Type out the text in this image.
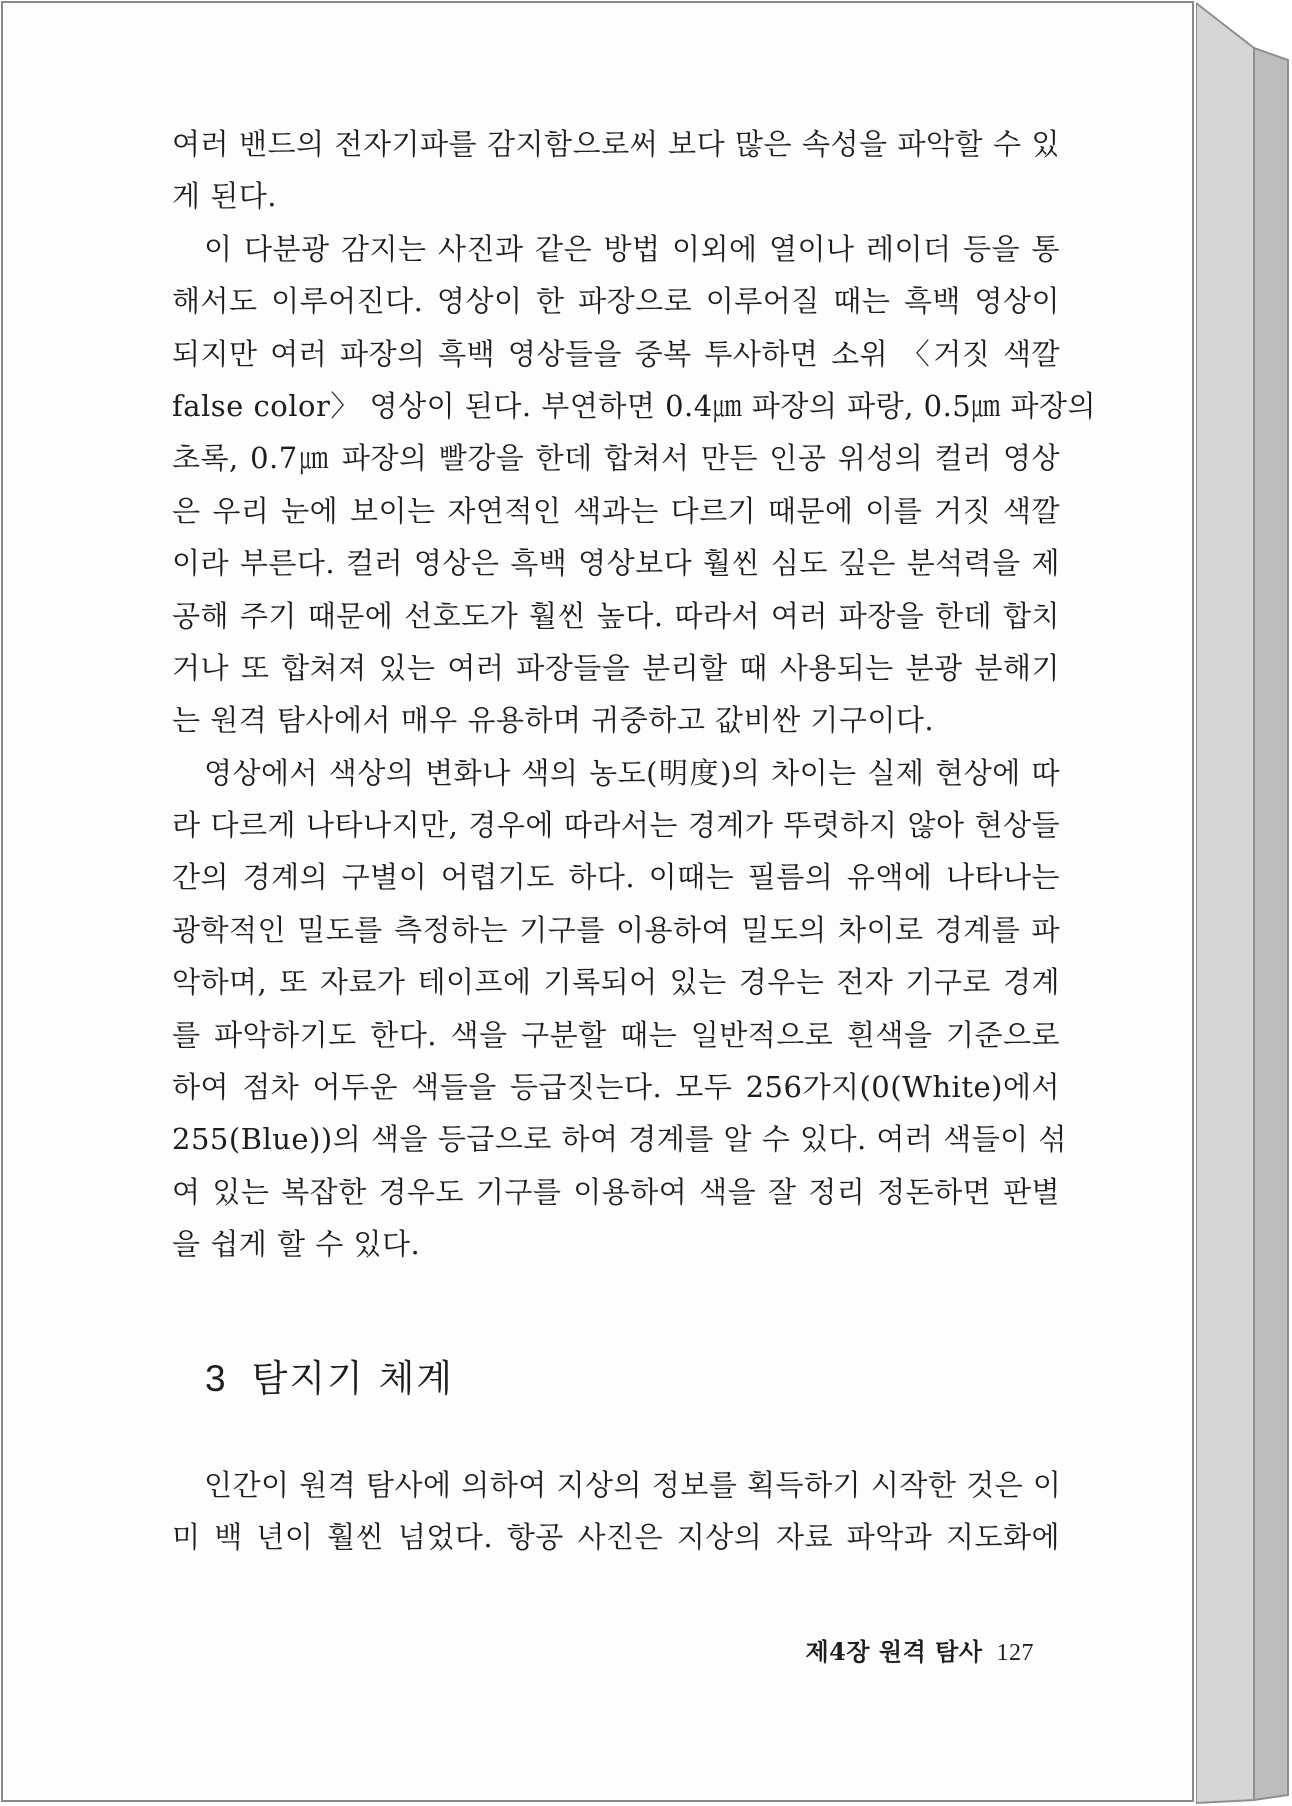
여러 밴드의 전자기파를 감지함으로써 보다 많은 속성을 파악할 수 있
게 된다.
이 다분광 감지는 사진과 같은 방법 이외에 열이나 레이더 등을 통
해서도 이루어진다. 영상이 한 파장으로 이루어질 때는 흑백 영상이
되지만 여러 파장의 흑백 영상들을 중복 투사하면 소위 〈거짓 색깔
false color〉 영상이 된다. 부연하면 0.4㎛ 파장의 파랑, 0.5㎛ 파장의
초록, 0.7㎛ 파장의 빨강을 한데 합쳐서 만든 인공 위성의 컬러 영상
은 우리 눈에 보이는 자연적인 색과는 다르기 때문에 이를 거짓 색깔
이라 부른다. 컬러 영상은 흑백 영상보다 훨씬 심도 깊은 분석력을 제
공해 주기 때문에 선호도가 훨씬 높다. 따라서 여러 파장을 한데 합치
거나 또 합쳐져 있는 여러 파장들을 분리할 때 사용되는 분광 분해기
는 원격 탐사에서 매우 유용하며 귀중하고 값비싼 기구이다.
영상에서 색상의 변화나 색의 농도(明度)의 차이는 실제 현상에 따
라 다르게 나타나지만, 경우에 따라서는 경계가 뚜렷하지 않아 현상들
간의 경계의 구별이 어렵기도 하다. 이때는 필름의 유액에 나타나는
광학적인 밀도를 측정하는 기구를 이용하여 밀도의 차이로 경계를 파
악하며, 또 자료가 테이프에 기록되어 있는 경우는 전자 기구로 경계
를 파악하기도 한다. 색을 구분할 때는 일반적으로 흰색을 기준으로
하여 점차 어두운 색들을 등급짓는다. 모두 256가지(0(White)에서
255(Blue))의 색을 등급으로 하여 경계를 알 수 있다. 여러 색들이 섞
여 있는 복잡한 경우도 기구를 이용하여 색을 잘 정리 정돈하면 판별
을 쉽게 할 수 있다.
3 탐지기 체계
인간이 원격 탐사에 의하여 지상의 정보를 획득하기 시작한 것은 이
미 백 년이 훨씬 넘었다. 항공 사진은 지상의 자료 파악과 지도화에
제4장 원격 탐사 127
